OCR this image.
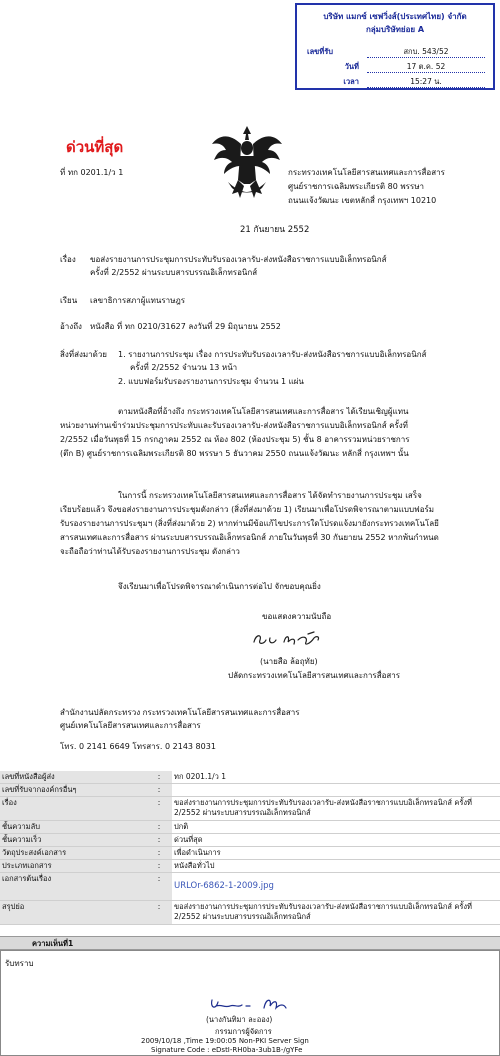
บริษัท แมกซ์ เซฟวิ่งส์(ประเทศไทย) จำกัด
กลุ่มบริษัทย่อย A
เลขที่รับ	สกบ. 543/52
วันที่	17 ต.ค. 52
เวลา	15:27 น.
ด่วนที่สุด
ที่ ทก 0201.1/ว 1	กระทรวงเทคโนโลยีสารสนเทศและการสื่อสาร
ศูนย์ราชการเฉลิมพระเกียรติ 80 พรรษา
ถนนแจ้งวัฒนะ เขตหลักสี่ กรุงเทพฯ 10210
21 กันยายน 2552
เรื่อง ขอส่งรายงานการประชุมการประทับรับรองเวลารับ-ส่งหนังสือราชการแบบอิเล็กทรอนิกส์
ครั้งที่ 2/2552 ผ่านระบบสารบรรณอิเล็กทรอนิกส์
เรียน เลขาธิการสภาผู้แทนราษฎร
อ้างถึง หนังสือ ที่ ทก 0210/31627 ลงวันที่ 29 มิถุนายน 2552
สิ่งที่ส่งมาด้วย 1. รายงานการประชุม เรื่อง การประทับรับรองเวลารับ-ส่งหนังสือราชการแบบอิเล็กทรอนิกส์
ครั้งที่ 2/2552 จำนวน 13 หน้า
2. แบบฟอร์มรับรองรายงานการประชุม จำนวน 1 แผ่น
ตามหนังสือที่อ้างถึง กระทรวงเทคโนโลยีสารสนเทศและการสื่อสาร ได้เรียนเชิญผู้แทน
หน่วยงานท่านเข้าร่วมประชุมการประทับและรับรองเวลารับ-ส่งหนังสือราชการแบบอิเล็กทรอนิกส์ ครั้งที่
2/2552 เมื่อวันพุธที่ 15 กรกฎาคม 2552 ณ ห้อง 802 (ห้องประชุม 5) ชั้น 8 อาคารรวมหน่วยราชการ
(ตึก B) ศูนย์ราชการเฉลิมพระเกียรติ 80 พรรษา 5 ธันวาคม 2550 ถนนแจ้งวัฒนะ หลักสี่ กรุงเทพฯ นั้น
ในการนี้ กระทรวงเทคโนโลยีสารสนเทศและการสื่อสาร ได้จัดทำรายงานการประชุม เสร็จ
เรียบร้อยแล้ว จึงขอส่งรายงานการประชุมดังกล่าว (สิ่งที่ส่งมาด้วย 1) เรียนมาเพื่อโปรดพิจารณาตามแบบฟอร์ม
รับรองรายงานการประชุมฯ (สิ่งที่ส่งมาด้วย 2) หากท่านมีข้อแก้ไขประการใดโปรดแจ้งมายังกระทรวงเทคโนโลยี
สารสนเทศและการสื่อสาร ผ่านระบบสารบรรณอิเล็กทรอนิกส์ ภายในวันพุธที่ 30 กันยายน 2552 หากพ้นกำหนด
จะถือถือว่าท่านได้รับรองรายงานการประชุม ดังกล่าว
จึงเรียนมาเพื่อโปรดพิจารณาดำเนินการต่อไป จักขอบคุณยิ่ง
ขอแสดงความนับถือ
(นายสือ ล้อถุทัย)
ปลัดกระทรวงเทคโนโลยีสารสนเทศและการสื่อสาร
สำนักงานปลัดกระทรวง กระทรวงเทคโนโลยีสารสนเทศและการสื่อสาร
ศูนย์เทคโนโลยีสารสนเทศและการสื่อสาร
โทร. 0 2141 6649 โทรสาร. 0 2143 8031
เลขที่หนังสือผู้ส่ง	:	ทก 0201.1/ว 1
เลขที่รับจากองค์กรอื่นๆ	:	
เรื่อง	:	ขอส่งรายงานการประชุมการประทับรับรองเวลารับ-ส่งหนังสือราชการแบบอิเล็กทรอนิกส์ ครั้งที่ 2/2552 ผ่านระบบสารบรรณอิเล็กทรอนิกส์
ชั้นความลับ	:	ปกติ
ชั้นความเร็ว	:	ด่วนที่สุด
วัตถุประสงค์เอกสาร	:	เพื่อดำเนินการ
ประเภทเอกสาร	:	หนังสือทั่วไป
เอกสารต้นเรื่อง	:	URLOr-6862-1-2009.jpg
สรุปย่อ	:	ขอส่งรายงานการประชุมการประทับรับรองเวลารับ-ส่งหนังสือราชการแบบอิเล็กทรอนิกส์ ครั้งที่ 2/2552 ผ่านระบบสารบรรณอิเล็กทรอนิกส์
ความเห็นที่1
รับทราบ
(นางกันทิมา ละออง)
กรรมการผู้จัดการ
2009/10/18 ,Time 19:00:05 Non-PKI Server Sign
Signature Code : eDstI-RH0ba-3ub1B-/gYFe
